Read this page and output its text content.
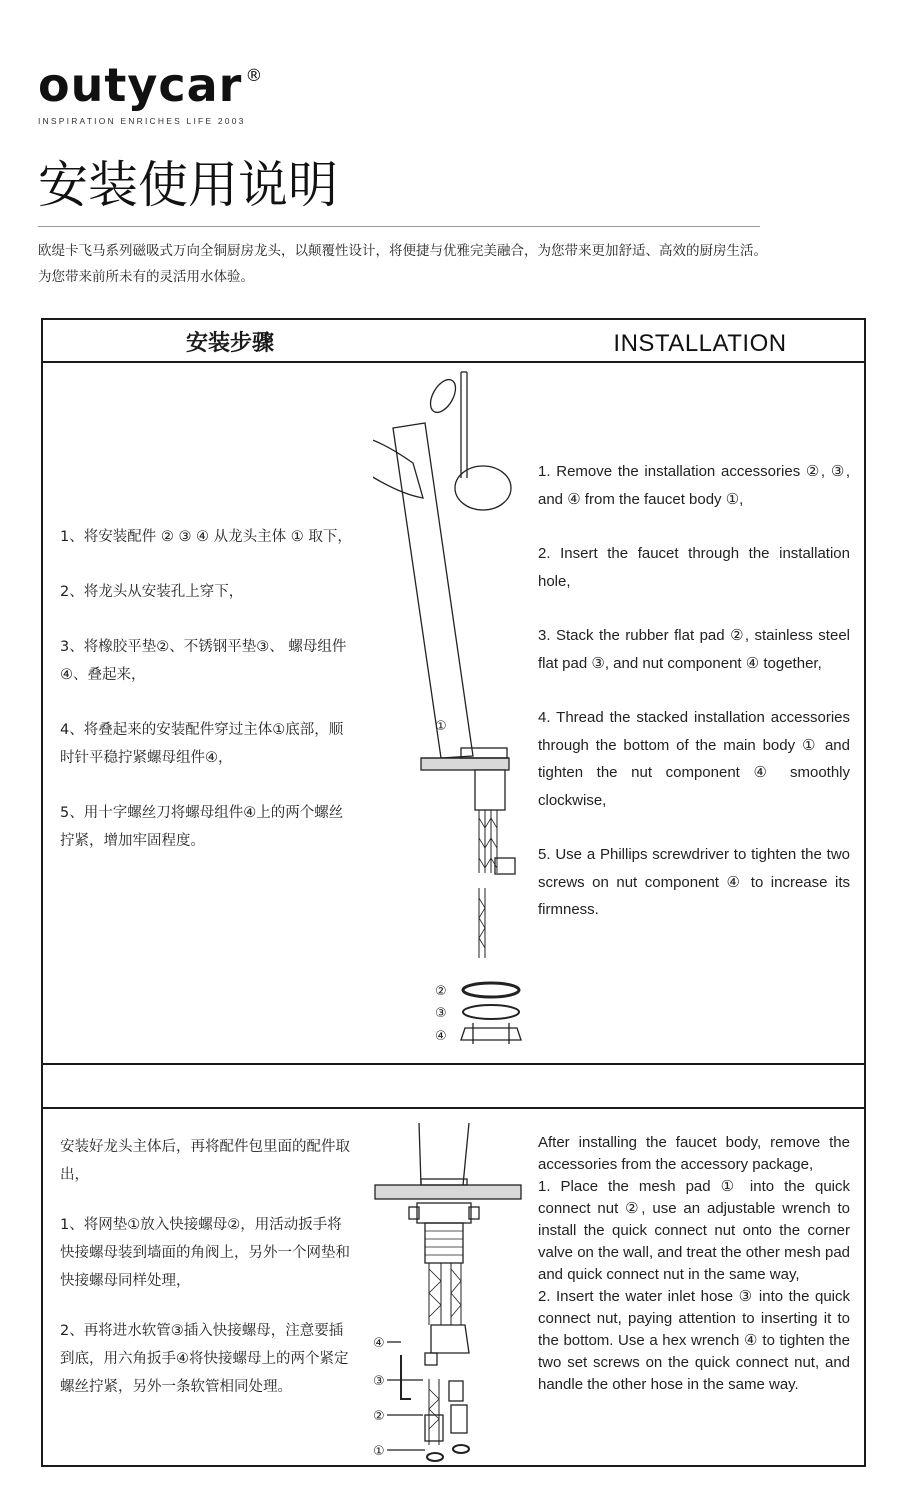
outycar ®
INSPIRATION ENRICHES LIFE 2003
安装使用说明
欧缇卡飞马系列磁吸式万向全铜厨房龙头，以颠覆性设计，将便捷与优雅完美融合，为您带来更加舒适、高效的厨房生活。
为您带来前所未有的灵活用水体验。
安装步骤	INSTALLATION

1、将安装配件 ② ③ ④ 从龙头主体 ① 取下，

2、将龙头从安装孔上穿下，

3、将橡胶平垫②、不锈钢平垫③、 螺母组件④、叠起来，

4、将叠起来的安装配件穿过主体①底部，顺时针平稳拧紧螺母组件④，

5、用十字螺丝刀将螺母组件④上的两个螺丝拧紧，增加牢固程度。

1. Remove the installation accessories ②, ③, and ④ from the faucet body ①,

2. Insert the faucet through the installation hole,

3. Stack the rubber flat pad ②, stainless steel flat pad ③, and nut component ④ together,

4. Thread the stacked installation accessories through the bottom of the main body ① and tighten the nut component ④ smoothly clockwise,

5. Use a Phillips screwdriver to tighten the two screws on nut component ④ to increase its firmness.

①
②
③
④

安装好龙头主体后，再将配件包里面的配件取出，

1、将网垫①放入快接螺母②，用活动扳手将快接螺母装到墙面的角阀上，另外一个网垫和快接螺母同样处理，

2、再将进水软管③插入快接螺母，注意要插到底，用六角扳手④将快接螺母上的两个紧定螺丝拧紧，另外一条软管相同处理。

After installing the faucet body, remove the accessories from the accessory package,

1. Place the mesh pad ① into the quick connect nut ②, use an adjustable wrench to install the quick connect nut onto the corner valve on the wall, and treat the other mesh pad and quick connect nut in the same way,

2. Insert the water inlet hose ③ into the quick connect nut, paying attention to inserting it to the bottom. Use a hex wrench ④ to tighten the two set screws on the quick connect nut, and handle the other hose in the same way.

④
③
②
①
